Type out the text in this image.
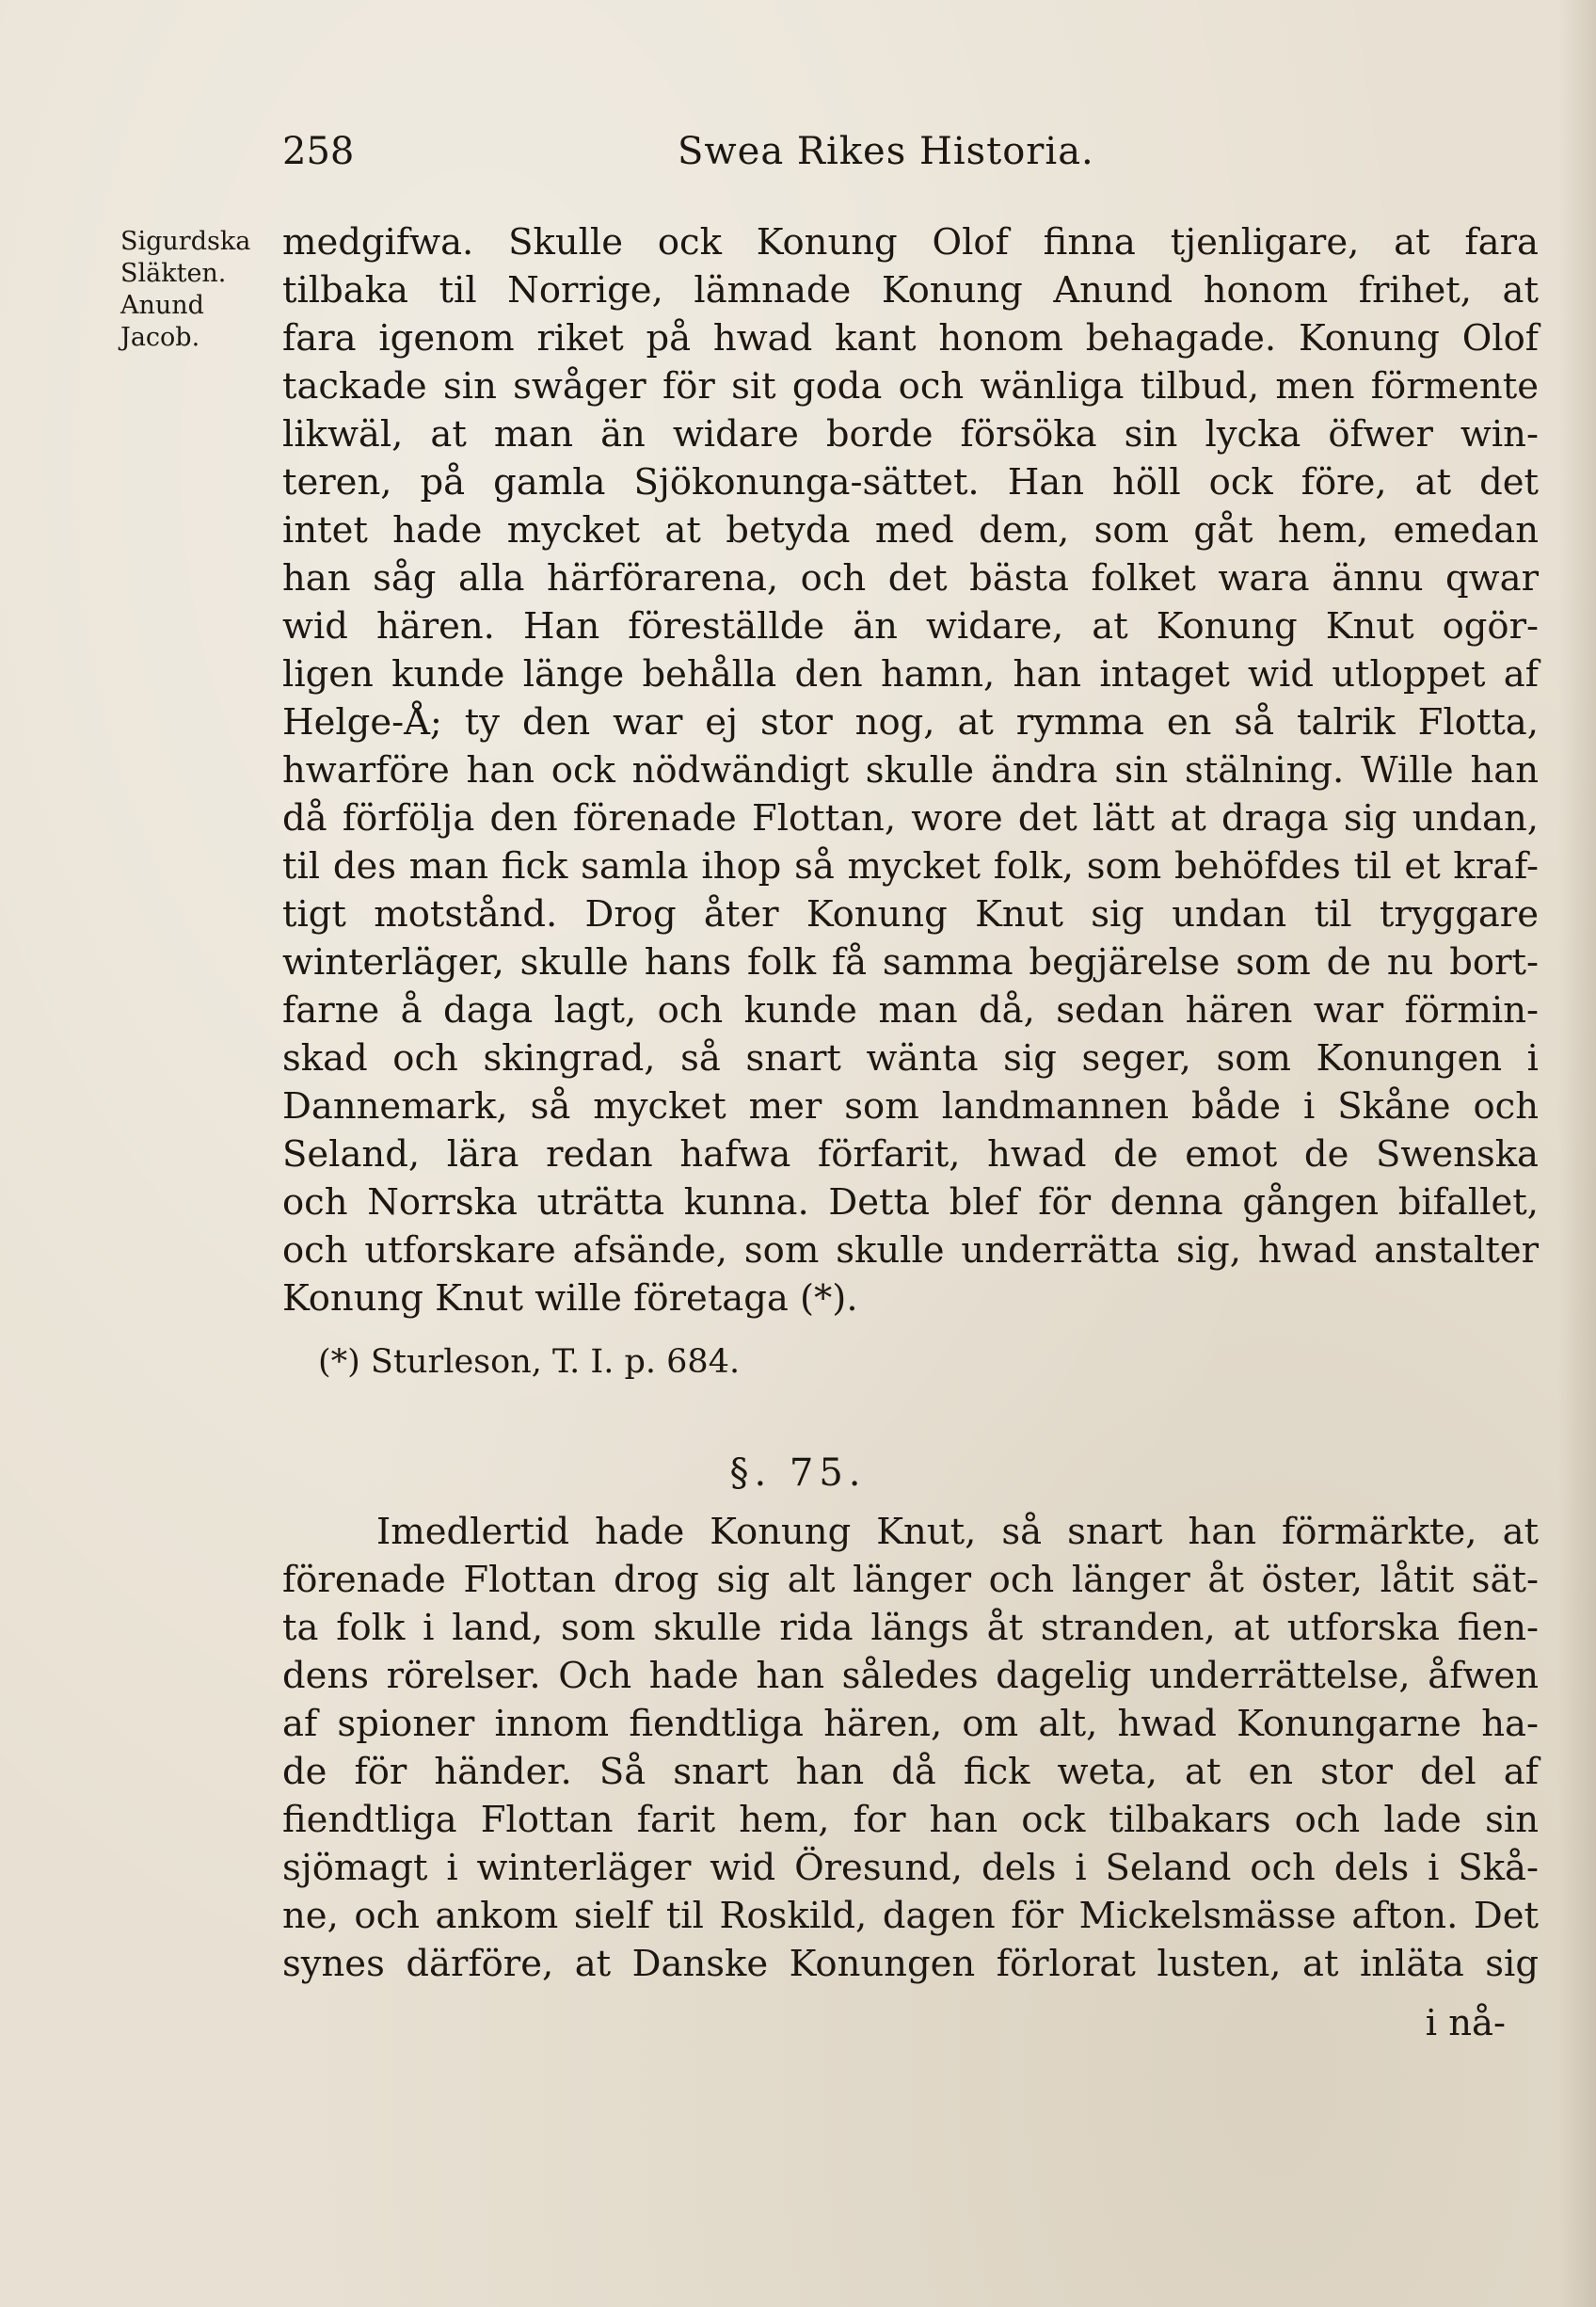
258	Swea Rikes Historia.
Sigurdska
Släkten.
Anund
Jacob.
medgifwa. Skulle ock Konung Olof finna tjenligare, at fara
tilbaka til Norrige, lämnade Konung Anund honom frihet, at
fara igenom riket på hwad kant honom behagade. Konung Olof
tackade sin swåger för sit goda och wänliga tilbud, men förmente
likwäl, at man än widare borde försöka sin lycka öfwer win-
teren, på gamla Sjökonunga-sättet. Han höll ock före, at det
intet hade mycket at betyda med dem, som gåt hem, emedan
han såg alla härförarena, och det bästa folket wara ännu qwar
wid hären. Han föreställde än widare, at Konung Knut ogör-
ligen kunde länge behålla den hamn, han intaget wid utloppet af
Helge-Å; ty den war ej stor nog, at rymma en så talrik Flotta,
hwarföre han ock nödwändigt skulle ändra sin stälning. Wille han
då förfölja den förenade Flottan, wore det lätt at draga sig undan,
til des man fick samla ihop så mycket folk, som behöfdes til et kraf-
tigt motstånd. Drog åter Konung Knut sig undan til tryggare
winterläger, skulle hans folk få samma begjärelse som de nu bort-
farne å daga lagt, och kunde man då, sedan hären war förmin-
skad och skingrad, så snart wänta sig seger, som Konungen i
Dannemark, så mycket mer som landmannen både i Skåne och
Seland, lära redan hafwa förfarit, hwad de emot de Swenska
och Norrska uträtta kunna. Detta blef för denna gången bifallet,
och utforskare afsände, som skulle underrätta sig, hwad anstalter
Konung Knut wille företaga (*).
(*) Sturleson, T. I. p. 684.
§. 75.
Imedlertid hade Konung Knut, så snart han förmärkte, at
förenade Flottan drog sig alt länger och länger åt öster, låtit sät-
ta folk i land, som skulle rida längs åt stranden, at utforska fien-
dens rörelser. Och hade han således dagelig underrättelse, åfwen
af spioner innom fiendtliga hären, om alt, hwad Konungarne ha-
de för händer. Så snart han då fick weta, at en stor del af
fiendtliga Flottan farit hem, for han ock tilbakars och lade sin
sjömagt i winterläger wid Öresund, dels i Seland och dels i Skå-
ne, och ankom sielf til Roskild, dagen för Mickelsmässe afton. Det
synes därföre, at Danske Konungen förlorat lusten, at inläta sig
i nå-
